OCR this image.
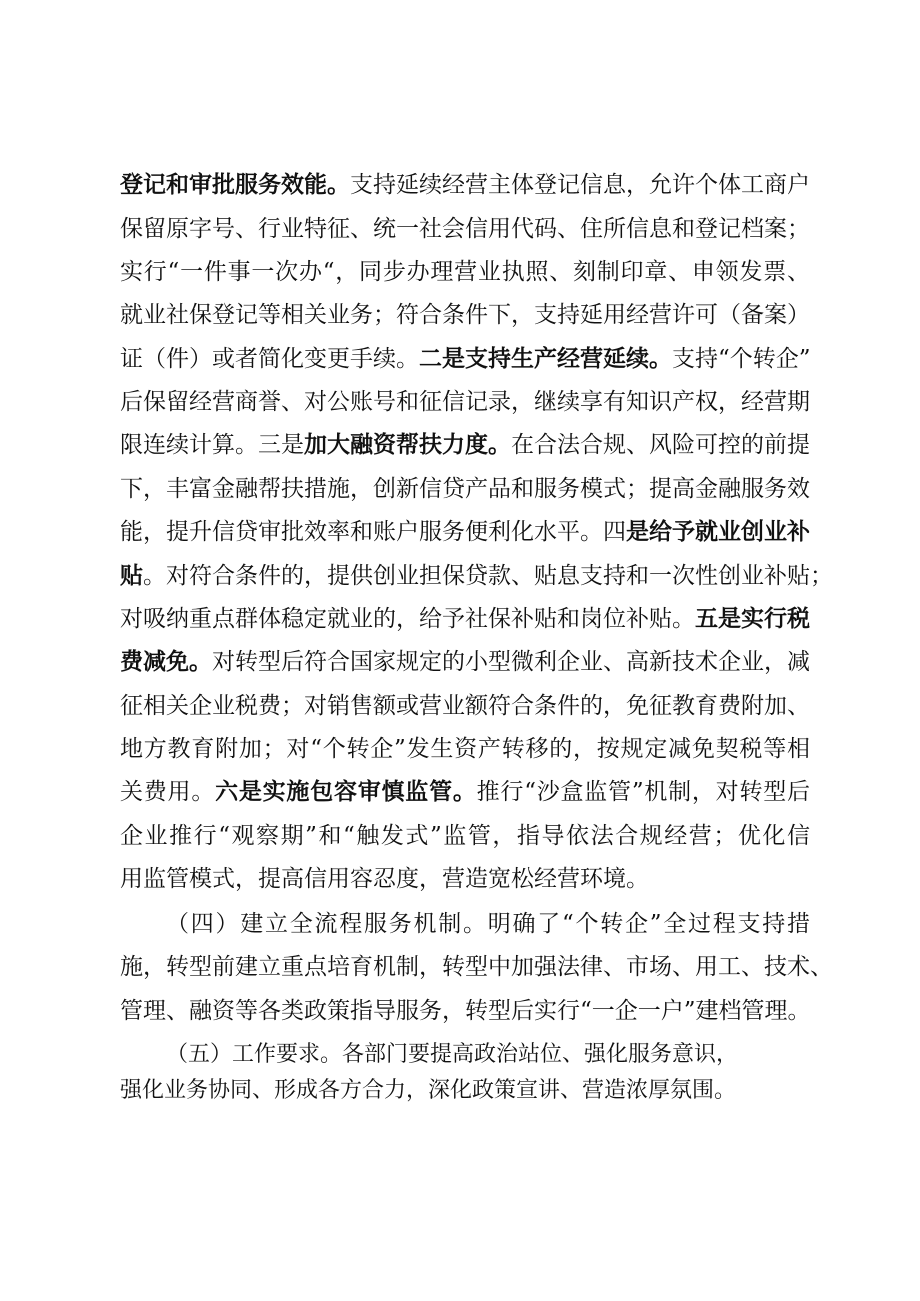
登记和审批服务效能。支持延续经营主体登记信息，允许个体工商户
保留原字号、行业特征、统一社会信用代码、住所信息和登记档案；
实行“一件事一次办“，同步办理营业执照、刻制印章、申领发票、
就业社保登记等相关业务；符合条件下，支持延用经营许可（备案）
证（件）或者简化变更手续。二是支持生产经营延续。支持“个转企”
后保留经营商誉、对公账号和征信记录，继续享有知识产权，经营期
限连续计算。三是加大融资帮扶力度。在合法合规、风险可控的前提
下，丰富金融帮扶措施，创新信贷产品和服务模式；提高金融服务效
能，提升信贷审批效率和账户服务便利化水平。四是给予就业创业补
贴。对符合条件的，提供创业担保贷款、贴息支持和一次性创业补贴；
对吸纳重点群体稳定就业的，给予社保补贴和岗位补贴。五是实行税
费减免。对转型后符合国家规定的小型微利企业、高新技术企业，减
征相关企业税费；对销售额或营业额符合条件的，免征教育费附加、
地方教育附加；对“个转企”发生资产转移的，按规定减免契税等相
关费用。六是实施包容审慎监管。推行“沙盒监管”机制，对转型后
企业推行“观察期”和“触发式”监管，指导依法合规经营；优化信
用监管模式，提高信用容忍度，营造宽松经营环境。
（四）建立全流程服务机制。明确了“个转企”全过程支持措
施，转型前建立重点培育机制，转型中加强法律、市场、用工、技术、
管理、融资等各类政策指导服务，转型后实行“一企一户”建档管理。
（五）工作要求。各部门要提高政治站位、强化服务意识，
强化业务协同、形成各方合力，深化政策宣讲、营造浓厚氛围。
